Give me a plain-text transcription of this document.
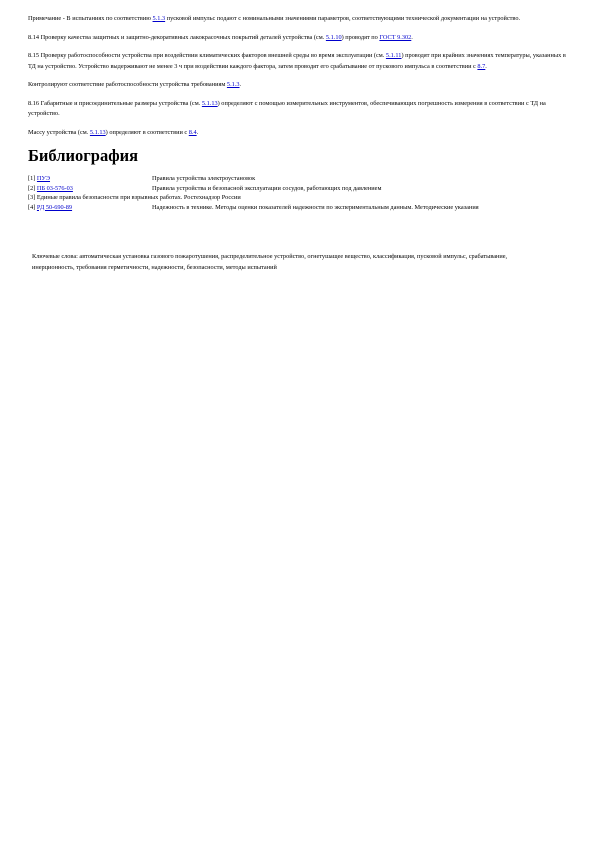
Примечание - В испытаниях по соответствию 5.1.3 пусковой импульс подают с номинальными значениями параметров, соответствующими технической документации на устройство.

8.14 Проверку качества защитных и защитно-декоративных лакокрасочных покрытий деталей устройства (см. 5.1.10) проводят по ГОСТ 9.302.

8.15 Проверку работоспособности устройства при воздействии климатических факторов внешней среды во время эксплуатации (см. 5.1.11) проводят при крайних значениях температуры, указанных в ТД на устройство. Устройство выдерживают не менее 3 ч при воздействии каждого фактора, затем проводят его срабатывание от пускового импульса в соответствии с 8.7.

Контролируют соответствие работоспособности устройства требованиям 5.1.3.

8.16 Габаритные и присоединительные размеры устройства (см. 5.1.13) определяют с помощью измерительных инструментов, обеспечивающих погрешность измерения в соответствии с ТД на устройство.

Массу устройства (см. 5.1.13) определяют в соответствии с 8.4.

Библиография
[1] ПУЭ	Правила устройства электроустановок
[2] ПБ 03-576-03	Правила устройства и безопасной эксплуатации сосудов, работающих под давлением
[3] Единые правила безопасности при взрывных работах. Ростехнадзор России	
[4] РД 50-690-89	Надежность в технике. Методы оценки показателей надежности по экспериментальным данным. Методические указания

Ключевые слова: автоматическая установка газового пожаротушения, распределительное устройство, огнетушащее вещество, классификация, пусковой импульс, срабатывание, инерционность, требования герметичности, надежности, безопасности, методы испытаний
